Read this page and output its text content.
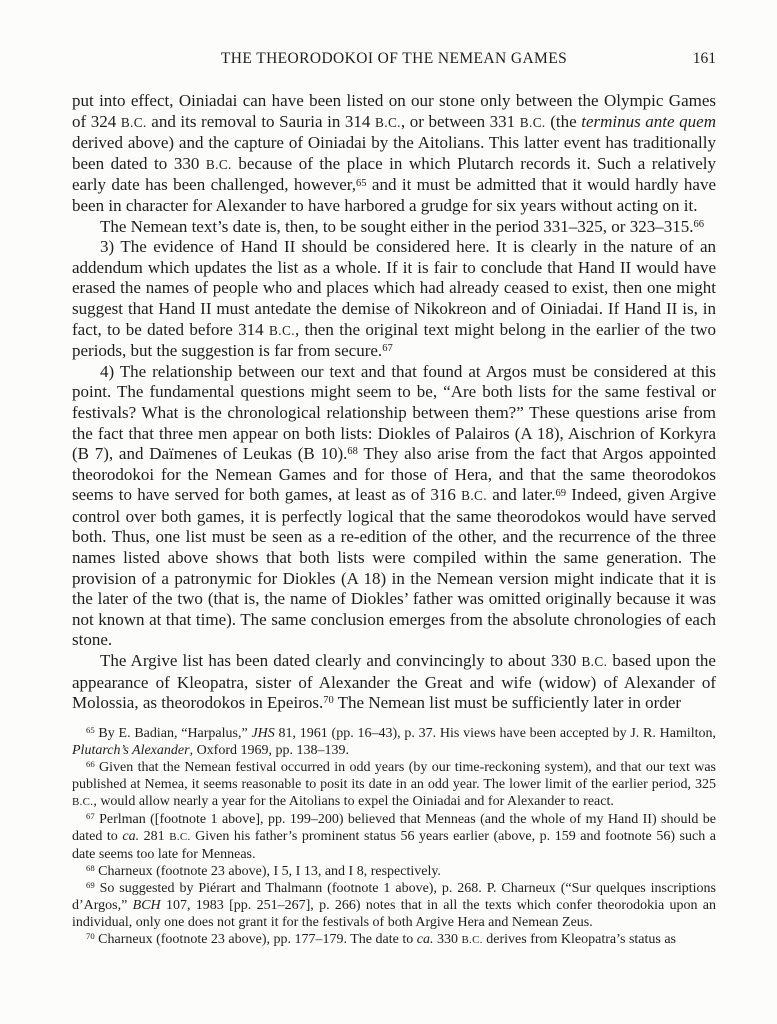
THE THEORODOKOI OF THE NEMEAN GAMES	161

put into effect, Oiniadai can have been listed on our stone only between the Olympic Games of 324 B.C. and its removal to Sauria in 314 B.C., or between 331 B.C. (the terminus ante quem derived above) and the capture of Oiniadai by the Aitolians. This latter event has traditionally been dated to 330 B.C. because of the place in which Plutarch records it. Such a relatively early date has been challenged, however,$^{65}$ and it must be admitted that it would hardly have been in character for Alexander to have harbored a grudge for six years without acting on it.

The Nemean text’s date is, then, to be sought either in the period 331–325, or 323–315.66

3) The evidence of Hand II should be considered here. It is clearly in the nature of an addendum which updates the list as a whole. If it is fair to conclude that Hand II would have erased the names of people who and places which had already ceased to exist, then one might suggest that Hand II must antedate the demise of Nikokreon and of Oiniadai. If Hand II is, in fact, to be dated before 314 B.C., then the original text might belong in the earlier of the two periods, but the suggestion is far from secure.$^{67}$

4) The relationship between our text and that found at Argos must be considered at this point. The fundamental questions might seem to be, “Are both lists for the same festival or festivals? What is the chronological relationship between them?” These questions arise from the fact that three men appear on both lists: Diokles of Palairos (A 18), Aischrion of Korkyra (B 7), and Daïmenes of Leukas (B 10).$^{68}$ They also arise from the fact that Argos appointed theorodokoi for the Nemean Games and for those of Hera, and that the same theorodokos seems to have served for both games, at least as of 316 B.C. and later.$^{69}$ Indeed, given Argive control over both games, it is perfectly logical that the same theorodokos would have served both. Thus, one list must be seen as a re-edition of the other, and the recurrence of the three names listed above shows that both lists were compiled within the same generation. The provision of a patronymic for Diokles (A 18) in the Nemean version might indicate that it is the later of the two (that is, the name of Diokles’ father was omitted originally because it was not known at that time). The same conclusion emerges from the absolute chronologies of each stone.

The Argive list has been dated clearly and convincingly to about 330 B.C. based upon the appearance of Kleopatra, sister of Alexander the Great and wife (widow) of Alexander of Molossia, as theorodokos in Epeiros.$^{70}$ The Nemean list must be sufficiently later in order

$^{65}$ By E. Badian, “Harpalus,” JHS 81, 1961 (pp. 16–43), p. 37. His views have been accepted by J. R. Hamilton, Plutarch’s Alexander, Oxford 1969, pp. 138–139.

$^{66}$ Given that the Nemean festival occurred in odd years (by our time-reckoning system), and that our text was published at Nemea, it seems reasonable to posit its date in an odd year. The lower limit of the earlier period, 325 B.C., would allow nearly a year for the Aitolians to expel the Oiniadai and for Alexander to react.

$^{67}$ Perlman ([footnote 1 above], pp. 199–200) believed that Menneas (and the whole of my Hand II) should be dated to ca. 281 B.C. Given his father’s prominent status 56 years earlier (above, p. 159 and footnote 56) such a date seems too late for Menneas.

$^{68}$ Charneux (footnote 23 above), I 5, I 13, and I 8, respectively.

$^{69}$ So suggested by Piérart and Thalmann (footnote 1 above), p. 268. P. Charneux (“Sur quelques inscriptions d’Argos,” BCH 107, 1983 [pp. 251–267], p. 266) notes that in all the texts which confer theorodokia upon an individual, only one does not grant it for the festivals of both Argive Hera and Nemean Zeus.

$^{70}$ Charneux (footnote 23 above), pp. 177–179. The date to ca. 330 B.C. derives from Kleopatra’s status as
